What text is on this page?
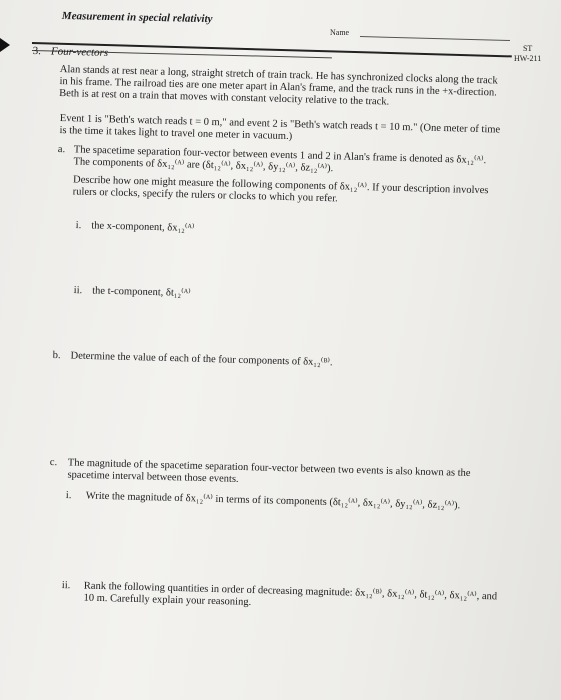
Measurement in special relativity
Name
ST
HW-211
3. Four-vectors
Alan stands at rest near a long, straight stretch of train track. He has synchronized clocks along the track in his frame. The railroad ties are one meter apart in Alan's frame, and the track runs in the +x-direction. Beth is at rest on a train that moves with constant velocity relative to the track.
Event 1 is "Beth's watch reads t = 0 m," and event 2 is "Beth's watch reads t = 10 m." (One meter of time is the time it takes light to travel one meter in vacuum.)
a. The spacetime separation four-vector between events 1 and 2 in Alan's frame is denoted as δx₁₂⁽ᴬ⁾. The components of δx₁₂⁽ᴬ⁾ are (δt₁₂⁽ᴬ⁾, δx₁₂⁽ᴬ⁾, δy₁₂⁽ᴬ⁾, δz₁₂⁽ᴬ⁾).
Describe how one might measure the following components of δx₁₂⁽ᴬ⁾. If your description involves rulers or clocks, specify the rulers or clocks to which you refer.
i. the x-component, δx₁₂⁽ᴬ⁾
ii. the t-component, δt₁₂⁽ᴬ⁾
b. Determine the value of each of the four components of δx₁₂⁽ᴮ⁾.
c. The magnitude of the spacetime separation four-vector between two events is also known as the spacetime interval between those events.
i.	Write the magnitude of δx₁₂⁽ᴬ⁾ in terms of its components (δt₁₂⁽ᴬ⁾, δx₁₂⁽ᴬ⁾, δy₁₂⁽ᴬ⁾, δz₁₂⁽ᴬ⁾).
ii.	Rank the following quantities in order of decreasing magnitude: δx₁₂⁽ᴮ⁾, δx₁₂⁽ᴬ⁾, δt₁₂⁽ᴬ⁾, δx₁₂⁽ᴬ⁾, and 10 m. Carefully explain your reasoning.
